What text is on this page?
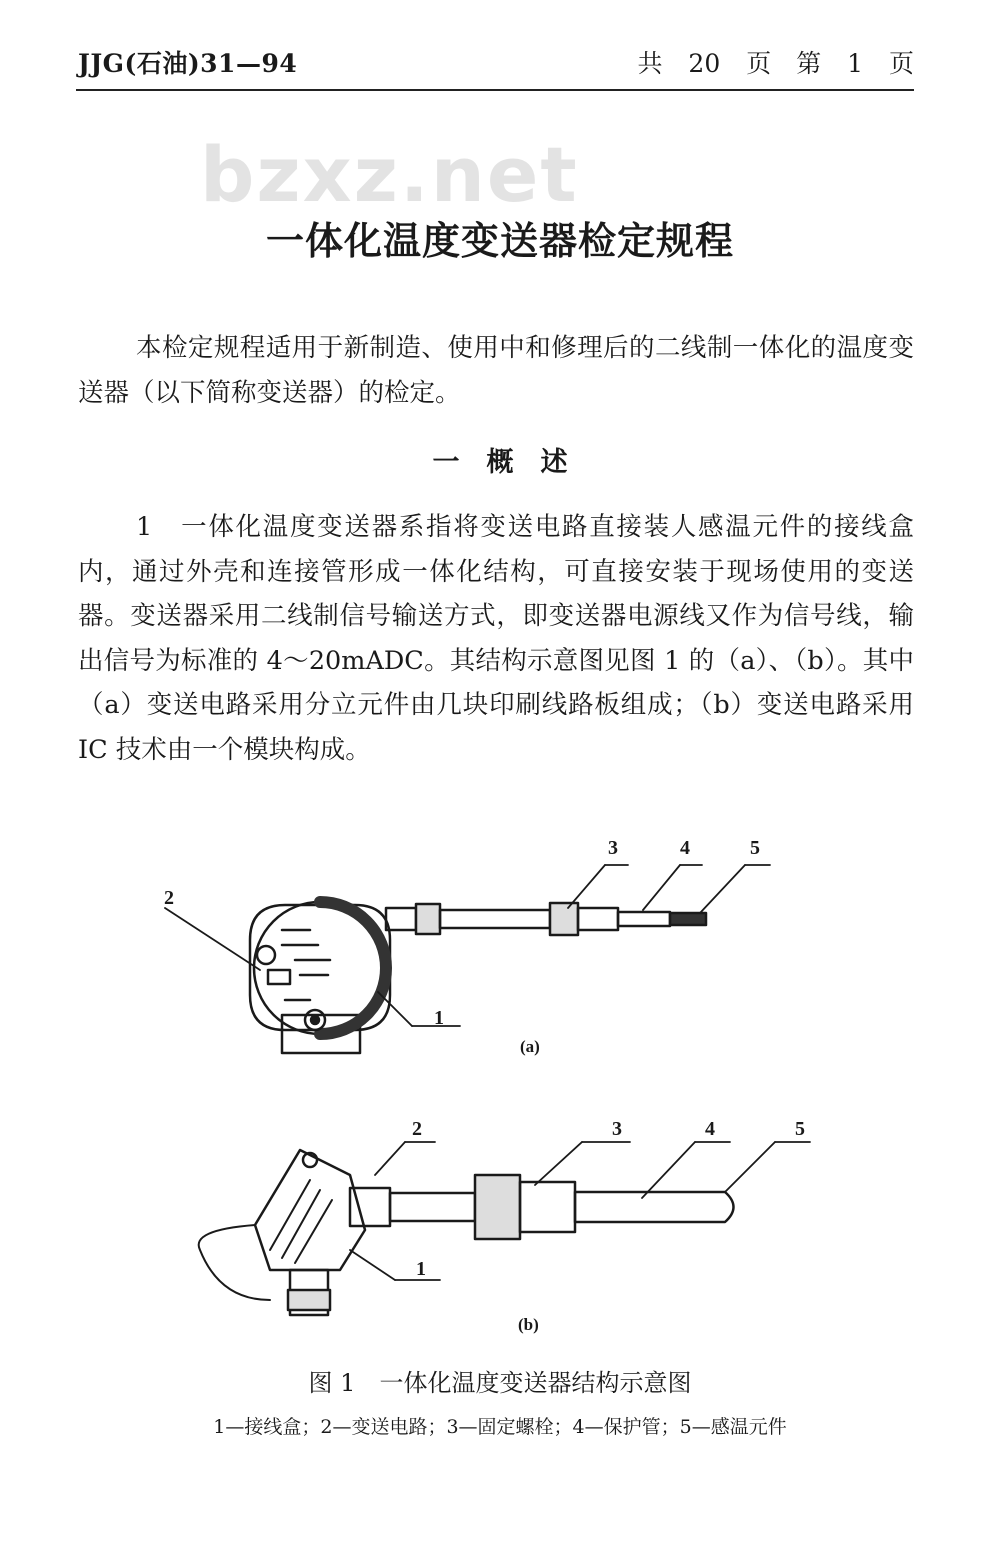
JJG(石油)31—94	共 20 页　第 1 页
bzxz.net
一体化温度变送器检定规程
本检定规程适用于新制造、使用中和修理后的二线制一体化的温度变送器（以下简称变送器）的检定。
一　概　述
1　一体化温度变送器系指将变送电路直接装人感温元件的接线盒内，通过外壳和连接管形成一体化结构，可直接安装于现场使用的变送器。变送器采用二线制信号输送方式，即变送器电源线又作为信号线，输出信号为标准的 4～20mADC。其结构示意图见图 1 的（a）、（b）。其中（a）变送电路采用分立元件由几块印刷线路板组成；（b）变送电路采用 IC 技术由一个模块构成。
2
1
3	4	5
(a)
2
1
3	4	5
(b)
图 1　一体化温度变送器结构示意图
1—接线盒；2—变送电路；3—固定螺栓；4—保护管；5—感温元件
